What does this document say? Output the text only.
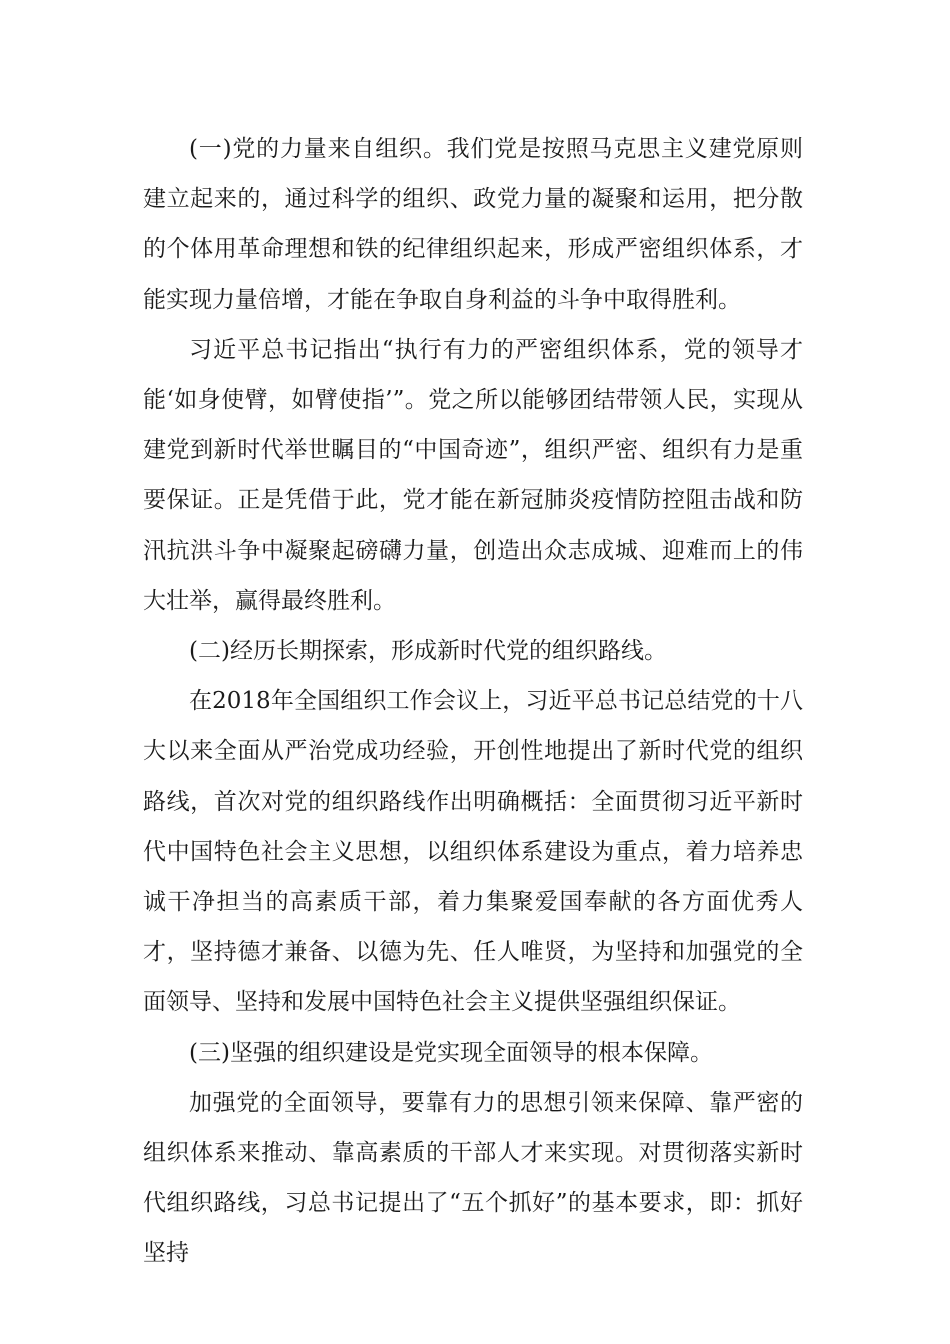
(一)党的力量来自组织。我们党是按照马克思主义建党原则建立起来的，通过科学的组织、政党力量的凝聚和运用，把分散的个体用革命理想和铁的纪律组织起来，形成严密组织体系，才能实现力量倍增，才能在争取自身利益的斗争中取得胜利。

习近平总书记指出“执行有力的严密组织体系，党的领导才能‘如身使臂，如臂使指’”。党之所以能够团结带领人民，实现从建党到新时代举世瞩目的“中国奇迹”，组织严密、组织有力是重要保证。正是凭借于此，党才能在新冠肺炎疫情防控阻击战和防汛抗洪斗争中凝聚起磅礴力量，创造出众志成城、迎难而上的伟大壮举，赢得最终胜利。

(二)经历长期探索，形成新时代党的组织路线。

在2018年全国组织工作会议上，习近平总书记总结党的十八大以来全面从严治党成功经验，开创性地提出了新时代党的组织路线，首次对党的组织路线作出明确概括：全面贯彻习近平新时代中国特色社会主义思想，以组织体系建设为重点，着力培养忠诚干净担当的高素质干部，着力集聚爱国奉献的各方面优秀人才，坚持德才兼备、以德为先、任人唯贤，为坚持和加强党的全面领导、坚持和发展中国特色社会主义提供坚强组织保证。

(三)坚强的组织建设是党实现全面领导的根本保障。

加强党的全面领导，要靠有力的思想引领来保障、靠严密的组织体系来推动、靠高素质的干部人才来实现。对贯彻落实新时代组织路线，习总书记提出了“五个抓好”的基本要求，即：抓好坚持
